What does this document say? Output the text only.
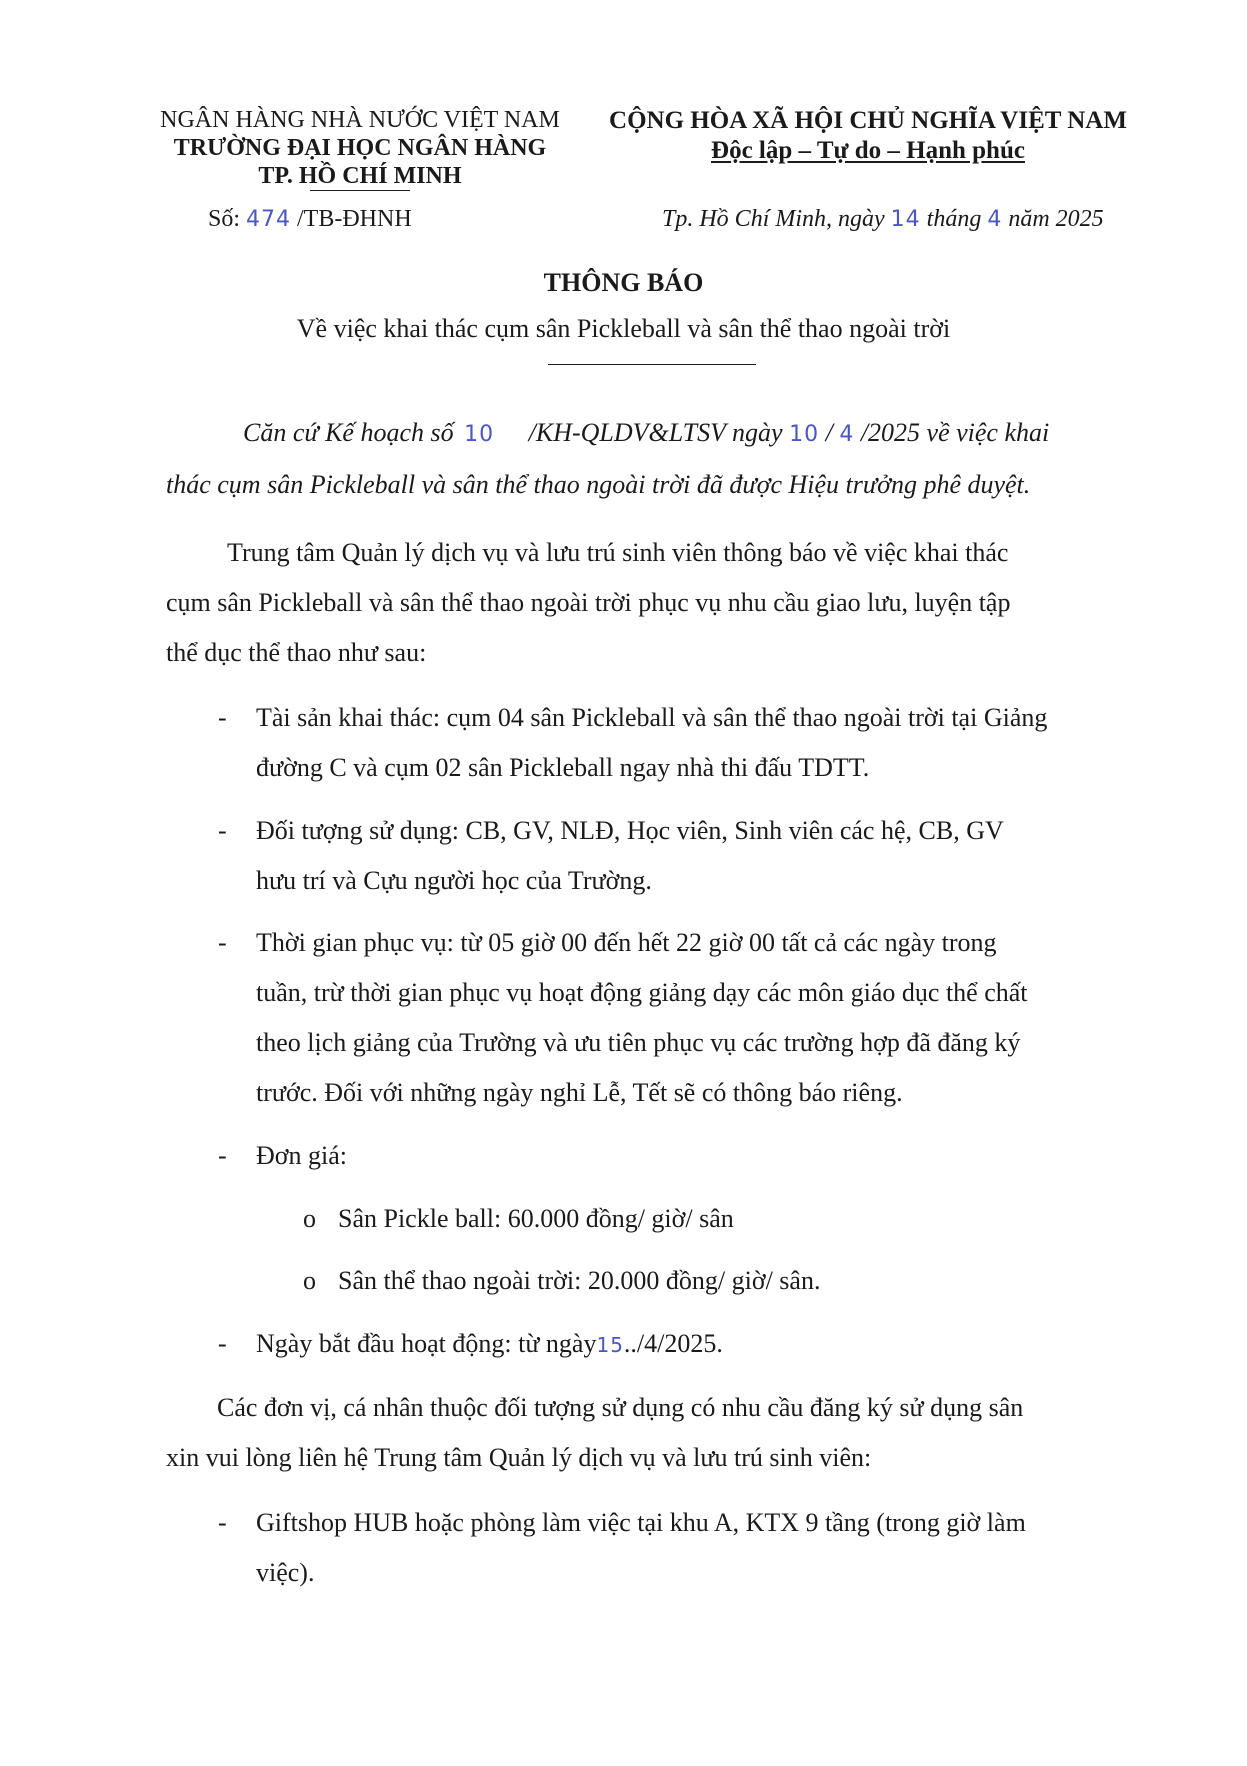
NGÂN HÀNG NHÀ NƯỚC VIỆT NAM
TRƯỜNG ĐẠI HỌC NGÂN HÀNG
TP. HỒ CHÍ MINH
CỘNG HÒA XÃ HỘI CHỦ NGHĨA VIỆT NAM
Độc lập – Tự do – Hạnh phúc
Số: 474 /TB-ĐHNH	Tp. Hồ Chí Minh, ngày 14 tháng 4 năm 2025
THÔNG BÁO
Về việc khai thác cụm sân Pickleball và sân thể thao ngoài trời
Căn cứ Kế hoạch số 10 /KH-QLDV&LTSV ngày 10 / 4 /2025 về việc khai
thác cụm sân Pickleball và sân thể thao ngoài trời đã được Hiệu trưởng phê duyệt.
Trung tâm Quản lý dịch vụ và lưu trú sinh viên thông báo về việc khai thác
cụm sân Pickleball và sân thể thao ngoài trời phục vụ nhu cầu giao lưu, luyện tập
thể dục thể thao như sau:
- Tài sản khai thác: cụm 04 sân Pickleball và sân thể thao ngoài trời tại Giảng
đường C và cụm 02 sân Pickleball ngay nhà thi đấu TDTT.
- Đối tượng sử dụng: CB, GV, NLĐ, Học viên, Sinh viên các hệ, CB, GV
hưu trí và Cựu người học của Trường.
- Thời gian phục vụ: từ 05 giờ 00 đến hết 22 giờ 00 tất cả các ngày trong
tuần, trừ thời gian phục vụ hoạt động giảng dạy các môn giáo dục thể chất
theo lịch giảng của Trường và ưu tiên phục vụ các trường hợp đã đăng ký
trước. Đối với những ngày nghỉ Lễ, Tết sẽ có thông báo riêng.
- Đơn giá:
o Sân Pickle ball: 60.000 đồng/ giờ/ sân
o Sân thể thao ngoài trời: 20.000 đồng/ giờ/ sân.
- Ngày bắt đầu hoạt động: từ ngày15../4/2025.
Các đơn vị, cá nhân thuộc đối tượng sử dụng có nhu cầu đăng ký sử dụng sân
xin vui lòng liên hệ Trung tâm Quản lý dịch vụ và lưu trú sinh viên:
- Giftshop HUB hoặc phòng làm việc tại khu A, KTX 9 tầng (trong giờ làm
việc).
